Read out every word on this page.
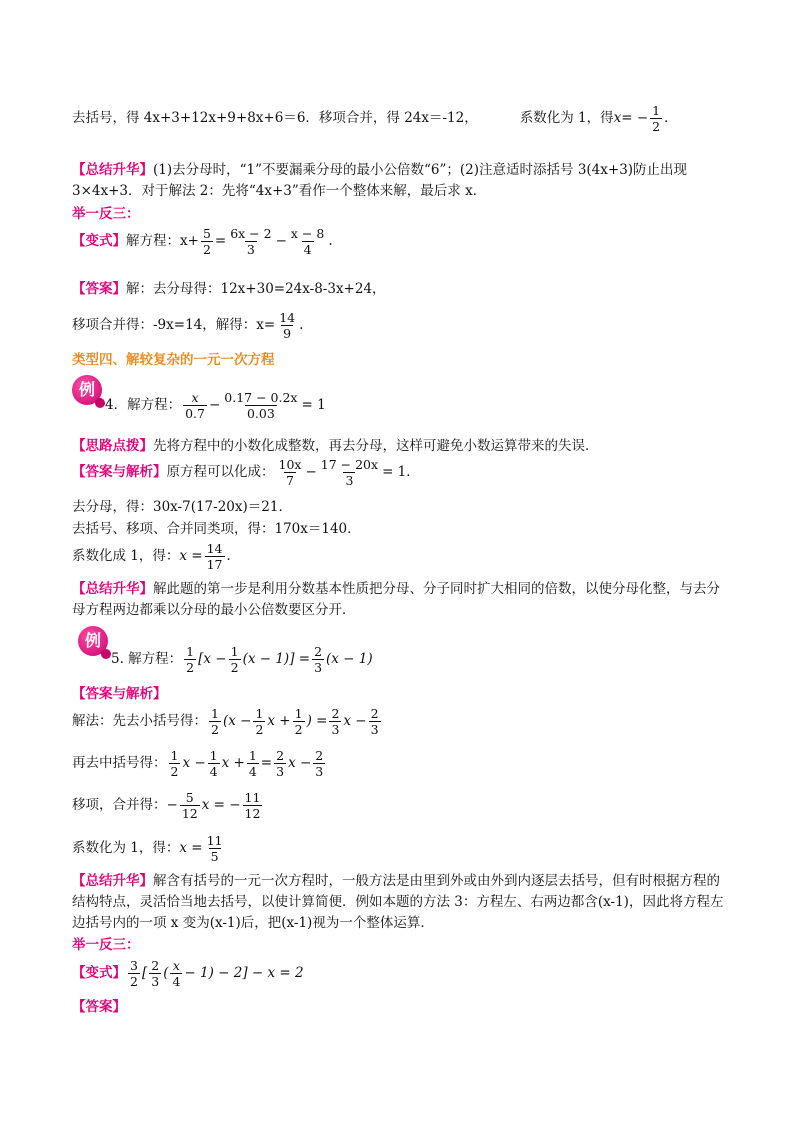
去括号，得 4x+3+12x+9+8x+6＝6．移项合并，得 24x＝-12，	系数化为 1，得 x = − $\frac{1}{2}$ ．
【总结升华】(1)去分母时，“1”不要漏乘分母的最小公倍数“6”；(2)注意适时添括号 3(4x+3)防止出现 3×4x+3．对于解法 2：先将“4x+3”看作一个整体来解，最后求 x．
举一反三：
【变式】 解方程：$x+ \frac{5}{2} = \frac{6x - 2}{3} - \frac{x - 8}{4}$ .
【答案】解：去分母得：12x+30=24x-8-3x+24，
移项合并得：-9x=14，解得：$x= \frac{14}{9}$ .
类型四、解较复杂的一元一次方程
例
4．解方程： x
0.7
− $\frac{0.17 - 0.2x}{0.03} = 1$
【思路点拨】先将方程中的小数化成整数，再去分母，这样可避免小数运算带来的失误．
【答案与解析】 原方程可以化成： 10x
7
− $\frac{17 - 20x}{3} = 1$．
去分母，得：30x-7(17-20x)＝21．
去括号、移项、合并同类项，得：170x＝140．
系数化成 1，得： $x = \frac{14}{17}$ ．
【总结升华】解此题的第一步是利用分数基本性质把分母、分子同时扩大相同的倍数，以使分母化整，与去分母方程两边都乘以分母的最小公倍数要区分开．
例
5. 解方程： 1
2
$[x - \frac{1}{2} (x - 1)] = \frac{2}{3} (x - 1)$
【答案与解析】
解法：先去小括号得： 1
2
($x - \frac{1}{2}$ $x + \frac{1}{2}$ ) = $\frac{2}{3}$ $x - \frac{2}{3}$
再去中括号得： 1
2
$x - \frac{1}{4}$ $x + \frac{1}{4} = \frac{2}{3}$ $x - \frac{2}{3}$
移项，合并得： − $\frac{5}{12}$ x = − $\frac{11}{12}$
系数化为 1，得： $x = \frac{11}{5}$
【总结升华】解含有括号的一元一次方程时，一般方法是由里到外或由外到内逐层去括号，但有时根据方程的结构特点，灵活恰当地去括号，以使计算简便．例如本题的方法 3：方程左、右两边都含(x-1)，因此将方程左边括号内的一项 x 变为(x-1)后，把(x-1)视为一个整体运算．
举一反三：
【变式】 3
2
[ 2
3
( x
4
− 1) − 2] − x = 2
【答案】
